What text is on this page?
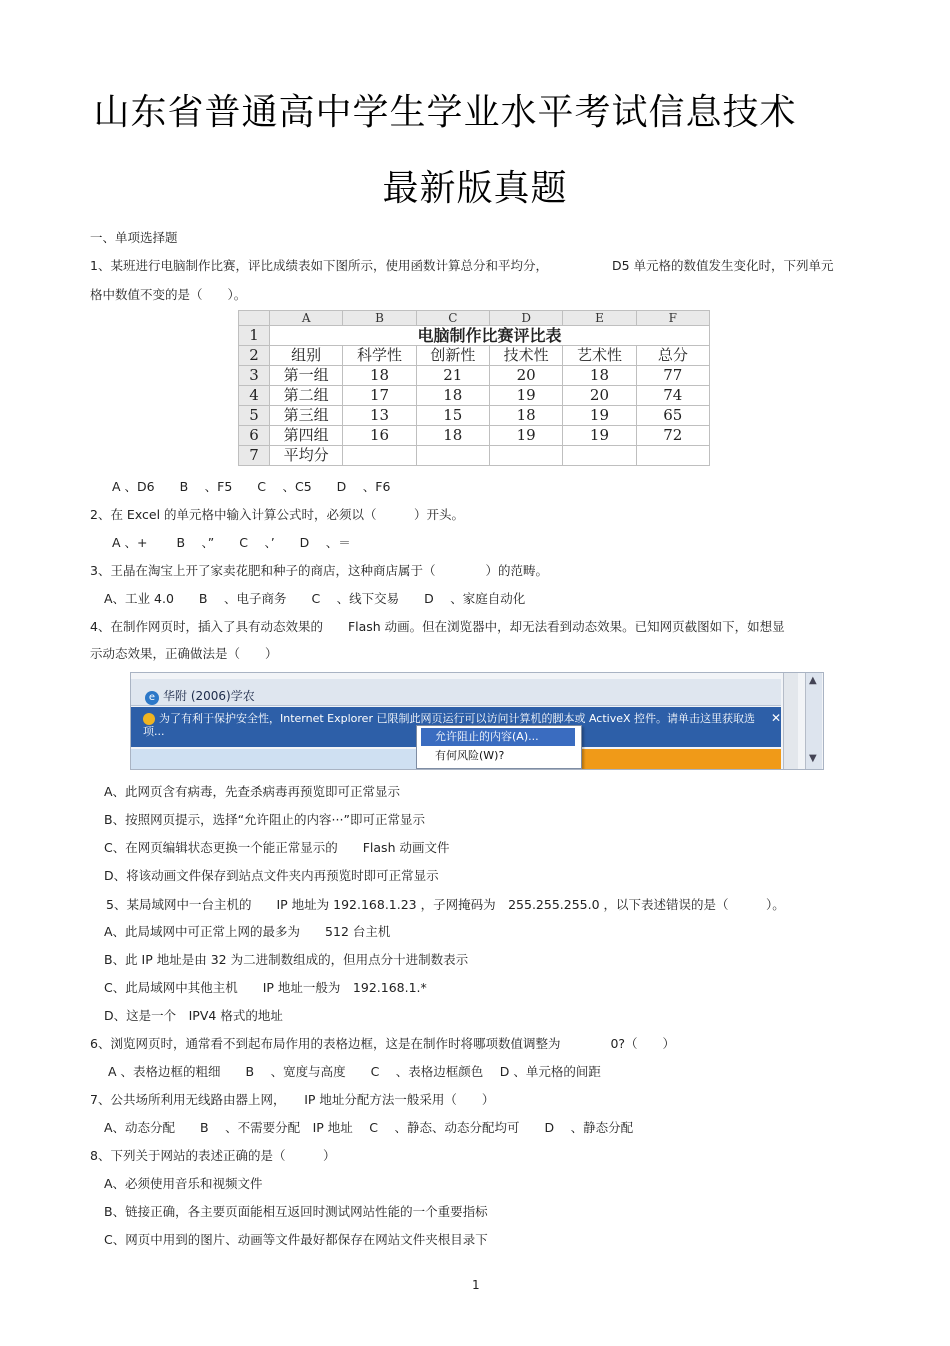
山东省普通高中学生学业水平考试信息技术
最新版真题
一、单项选择题
1、某班进行电脑制作比赛，评比成绩表如下图所示，使用函数计算总分和平均分，	D5 单元格的数值发生变化时，下列单元
格中数值不变的是（　　）。
	A	B	C	D	E	F
1	电脑制作比赛评比表					
2	组别	科学性	创新性	技术性	艺术性	总分
3	第一组	18	21	20	18	77
4	第二组	17	18	19	20	74
5	第三组	13	15	18	19	65
6	第四组	16	18	19	19	72
7	平均分					
A 、D6　　B 　、F5　　C 　、C5　　D 　、F6
2、在 Excel 的单元格中输入计算公式时，必须以（　　　）开头。
A 、+　　 B 　、”　　C 　、’　　D 　、＝
3、王晶在淘宝上开了家卖花肥和种子的商店，这种商店属于（　　　　）的范畴。
A、工业 4.0　　B 　、电子商务　　C 　、线下交易　　D 　、家庭自动化
4、在制作网页时，插入了具有动态效果的　　Flash 动画。但在浏览器中，却无法看到动态效果。已知网页截图如下，如想显
示动态效果，正确做法是（　　）
e 华附 (2006)学农
为了有利于保护安全性，Internet Explorer 已限制此网页运行可以访问计算机的脚本或 ActiveX 控件。请单击这里获取选项...
✕
允许阻止的内容(A)...
有何风险(W)?
▲
▼
A、此网页含有病毒，先查杀病毒再预览即可正常显示
B、按照网页提示，选择“允许阻止的内容···”即可正常显示
C、在网页编辑状态更换一个能正常显示的　　Flash 动画文件
D、将该动画文件保存到站点文件夹内再预览时即可正常显示
5、某局域网中一台主机的　　IP 地址为 192.168.1.23 ，子网掩码为　255.255.255.0 ，以下表述错误的是（　　　）。
A、此局域网中可正常上网的最多为　　512 台主机
B、此 IP 地址是由 32 为二进制数组成的，但用点分十进制数表示
C、此局域网中其他主机　　IP 地址一般为　192.168.1.*
D、这是一个　IPV4 格式的地址
6、浏览网页时，通常看不到起布局作用的表格边框，这是在制作时将哪项数值调整为　　　　0?（　　）
A 、表格边框的粗细　　B 　、宽度与高度　　C 　、表格边框颜色　 D 、单元格的间距
7、公共场所利用无线路由器上网，　　IP 地址分配方法一般采用（　　）
A、动态分配　　B 　、不需要分配　IP 地址　 C 　、静态、动态分配均可　　D 　、静态分配
8、下列关于网站的表述正确的是（　　　）
A、必须使用音乐和视频文件
B、链接正确，各主要页面能相互返回时测试网站性能的一个重要指标
C、网页中用到的图片、动画等文件最好都保存在网站文件夹根目录下
1
